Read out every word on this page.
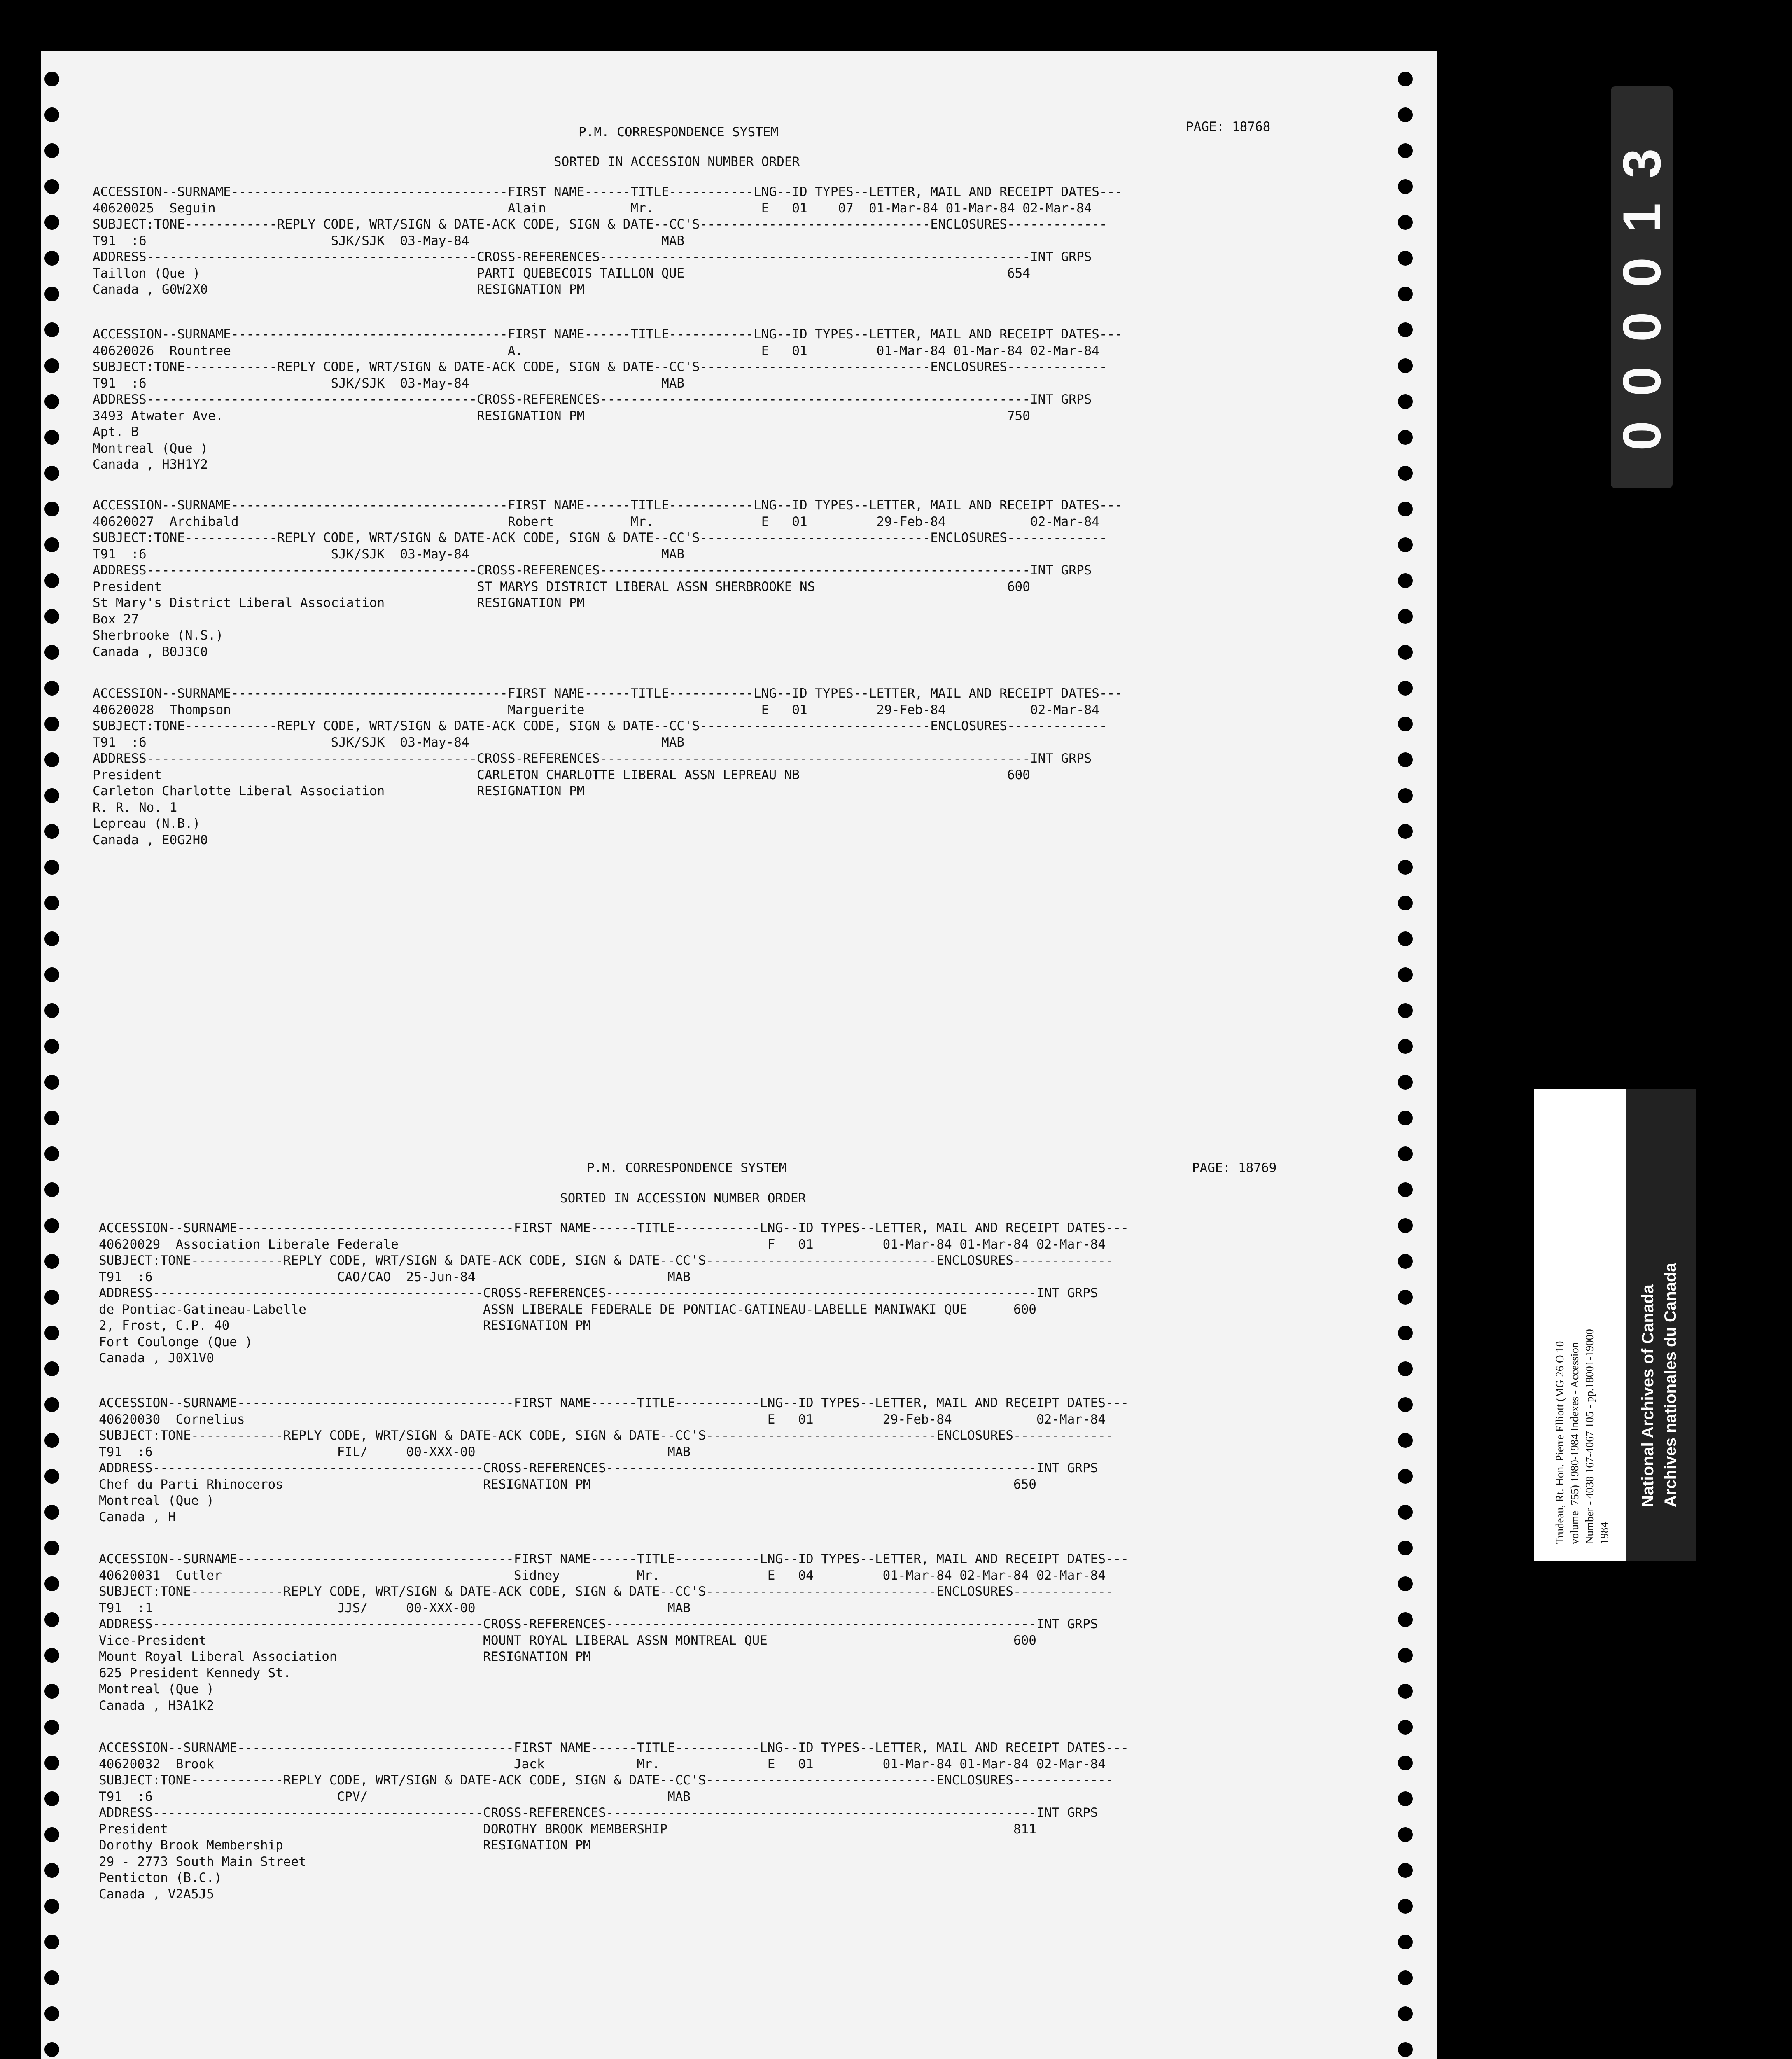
P.M. CORRESPONDENCE SYSTEM	PAGE: 18768
SORTED IN ACCESSION NUMBER ORDER
ACCESSION--SURNAME------------------------------------FIRST NAME------TITLE-----------LNG--ID TYPES--LETTER, MAIL AND RECEIPT DATES---
40620025  Seguin                                      Alain           Mr.              E   01    07  01-Mar-84 01-Mar-84 02-Mar-84
SUBJECT:TONE------------REPLY CODE, WRT/SIGN & DATE-ACK CODE, SIGN & DATE--CC'S------------------------------ENCLOSURES-------------
T91  :6                        SJK/SJK  03-May-84                         MAB
ADDRESS-------------------------------------------CROSS-REFERENCES--------------------------------------------------------INT GRPS
Taillon (Que )                                    PARTI QUEBECOIS TAILLON QUE                                          654
Canada , G0W2X0                                   RESIGNATION PM
ACCESSION--SURNAME------------------------------------FIRST NAME------TITLE-----------LNG--ID TYPES--LETTER, MAIL AND RECEIPT DATES---
40620026  Rountree                                    A.                               E   01         01-Mar-84 01-Mar-84 02-Mar-84
SUBJECT:TONE------------REPLY CODE, WRT/SIGN & DATE-ACK CODE, SIGN & DATE--CC'S------------------------------ENCLOSURES-------------
T91  :6                        SJK/SJK  03-May-84                         MAB
ADDRESS-------------------------------------------CROSS-REFERENCES--------------------------------------------------------INT GRPS
3493 Atwater Ave.                                 RESIGNATION PM                                                       750
Apt. B
Montreal (Que )
Canada , H3H1Y2
ACCESSION--SURNAME------------------------------------FIRST NAME------TITLE-----------LNG--ID TYPES--LETTER, MAIL AND RECEIPT DATES---
40620027  Archibald                                   Robert          Mr.              E   01         29-Feb-84           02-Mar-84
SUBJECT:TONE------------REPLY CODE, WRT/SIGN & DATE-ACK CODE, SIGN & DATE--CC'S------------------------------ENCLOSURES-------------
T91  :6                        SJK/SJK  03-May-84                         MAB
ADDRESS-------------------------------------------CROSS-REFERENCES--------------------------------------------------------INT GRPS
President                                         ST MARYS DISTRICT LIBERAL ASSN SHERBROOKE NS                         600
St Mary's District Liberal Association            RESIGNATION PM
Box 27
Sherbrooke (N.S.)
Canada , B0J3C0
ACCESSION--SURNAME------------------------------------FIRST NAME------TITLE-----------LNG--ID TYPES--LETTER, MAIL AND RECEIPT DATES---
40620028  Thompson                                    Marguerite                       E   01         29-Feb-84           02-Mar-84
SUBJECT:TONE------------REPLY CODE, WRT/SIGN & DATE-ACK CODE, SIGN & DATE--CC'S------------------------------ENCLOSURES-------------
T91  :6                        SJK/SJK  03-May-84                         MAB
ADDRESS-------------------------------------------CROSS-REFERENCES--------------------------------------------------------INT GRPS
President                                         CARLETON CHARLOTTE LIBERAL ASSN LEPREAU NB                           600
Carleton Charlotte Liberal Association            RESIGNATION PM
R. R. No. 1
Lepreau (N.B.)
Canada , E0G2H0
P.M. CORRESPONDENCE SYSTEM	PAGE: 18769
SORTED IN ACCESSION NUMBER ORDER
ACCESSION--SURNAME------------------------------------FIRST NAME------TITLE-----------LNG--ID TYPES--LETTER, MAIL AND RECEIPT DATES---
40620029  Association Liberale Federale                                                F   01         01-Mar-84 01-Mar-84 02-Mar-84
SUBJECT:TONE------------REPLY CODE, WRT/SIGN & DATE-ACK CODE, SIGN & DATE--CC'S------------------------------ENCLOSURES-------------
T91  :6                        CAO/CAO  25-Jun-84                         MAB
ADDRESS-------------------------------------------CROSS-REFERENCES--------------------------------------------------------INT GRPS
de Pontiac-Gatineau-Labelle                       ASSN LIBERALE FEDERALE DE PONTIAC-GATINEAU-LABELLE MANIWAKI QUE      600
2, Frost, C.P. 40                                 RESIGNATION PM
Fort Coulonge (Que )
Canada , J0X1V0
ACCESSION--SURNAME------------------------------------FIRST NAME------TITLE-----------LNG--ID TYPES--LETTER, MAIL AND RECEIPT DATES---
40620030  Cornelius                                                                    E   01         29-Feb-84           02-Mar-84
SUBJECT:TONE------------REPLY CODE, WRT/SIGN & DATE-ACK CODE, SIGN & DATE--CC'S------------------------------ENCLOSURES-------------
T91  :6                        FIL/     00-XXX-00                         MAB
ADDRESS-------------------------------------------CROSS-REFERENCES--------------------------------------------------------INT GRPS
Chef du Parti Rhinoceros                          RESIGNATION PM                                                       650
Montreal (Que )
Canada , H
ACCESSION--SURNAME------------------------------------FIRST NAME------TITLE-----------LNG--ID TYPES--LETTER, MAIL AND RECEIPT DATES---
40620031  Cutler                                      Sidney          Mr.              E   04         01-Mar-84 02-Mar-84 02-Mar-84
SUBJECT:TONE------------REPLY CODE, WRT/SIGN & DATE-ACK CODE, SIGN & DATE--CC'S------------------------------ENCLOSURES-------------
T91  :1                        JJS/     00-XXX-00                         MAB
ADDRESS-------------------------------------------CROSS-REFERENCES--------------------------------------------------------INT GRPS
Vice-President                                    MOUNT ROYAL LIBERAL ASSN MONTREAL QUE                                600
Mount Royal Liberal Association                   RESIGNATION PM
625 President Kennedy St.
Montreal (Que )
Canada , H3A1K2
ACCESSION--SURNAME------------------------------------FIRST NAME------TITLE-----------LNG--ID TYPES--LETTER, MAIL AND RECEIPT DATES---
40620032  Brook                                       Jack            Mr.              E   01         01-Mar-84 01-Mar-84 02-Mar-84
SUBJECT:TONE------------REPLY CODE, WRT/SIGN & DATE-ACK CODE, SIGN & DATE--CC'S------------------------------ENCLOSURES-------------
T91  :6                        CPV/                                       MAB
ADDRESS-------------------------------------------CROSS-REFERENCES--------------------------------------------------------INT GRPS
President                                         DOROTHY BROOK MEMBERSHIP                                             811
Dorothy Brook Membership                          RESIGNATION PM
29 - 2773 South Main Street
Penticton (B.C.)
Canada , V2A5J5
000013
Trudeau, Rt. Hon. Pierre Elliott (MG 26 O 10 volume  755) 1980-1984 Indexes - Accession Number - 4038 167-4067 105 - pp.18001-19000 1984
National Archives of Canada Archives nationales du Canada
